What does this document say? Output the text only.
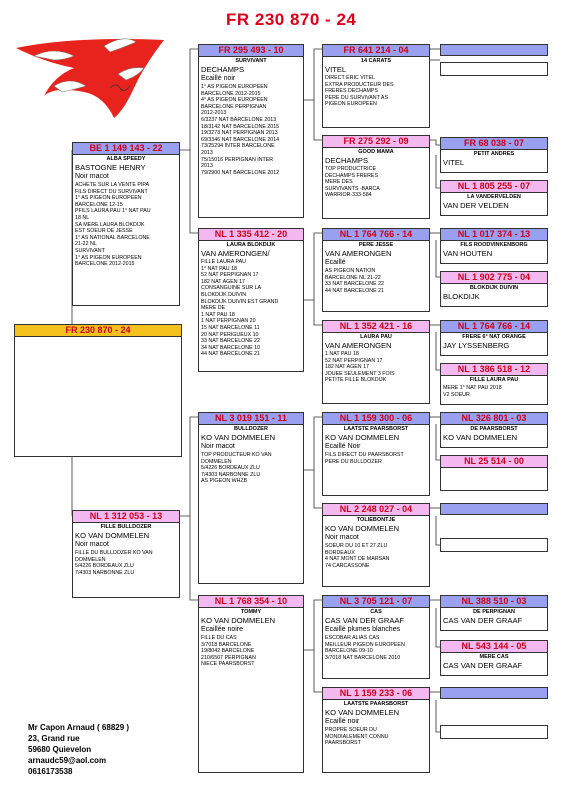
FR 230 870 - 24
FR 230 870 - 24
BE 1 149 143 - 22
ALBA SPEEDY
BASTOGNE HENRY
Noir macot
ACHETE SUR LA VENTE PIPA
FILS DIRECT DU SURVIVANT
1° AS PIGEON EUROPEEN
BARCELONE 12-15
PFILS LAURA PAU 1° NAT PAU
18 NL
SA MERE LAURA BLOKDIJK
EST SOEUR DE JESSE
1° AS NATIONAL BARCELONE
21-22 NL
SURVIVANT
1° AS PIGEON EUROPEEN
BARCELONE 2012-2015
NL 1 312 053 - 13
FILLE BULLDOZER
KO VAN DOMMELEN
Noir macot
FILLE DU BULLDOZER KO VAN
DOMMELEN
5/4226 BORDEAUX ZLU
7/4303 NARBONNE ZLU
FR 295 493 - 10
SURVIVANT
DECHAMPS
Ecaillé noir
1° AS PIGEON EUROPEEN
BARCELONE 2012-2015
4° AS PIGEON EUROPEEN
BARCELONE PERPIGNAN
2012-2013
6/3237 NAT BARCELONE 2013
18/3142 NAT BARCELONE 2015
19/3273 NAT PERPIGNAN 2013
69/3346 NAT BARCELONE 2014
73/25294 INTER BARCELONE
2013
75/15016 PERPIGNAN INTER
2013
79/2900 NAT BARCELONE 2012
NL 1 335 412 - 20
LAURA BLOKDIJK
VAN AMERONGEN/
FILLE LAURA PAU
1° NAT PAU 18
52 NAT PERPIGNAN 17
182 NAT AGEN 17
CONSANGUINE SUR LA
BLOKDIJK DUIVIN
BLOKDIJK DUIVIN EST GRAND
MERE DE
1 NAT PAU 18
1 NAT PERPIGNAN 20
15 NAT BARCELONE 11
20 NAT PERIGUEUX 10
33 NAT BARCELONE 22
34 NAT BARCELONE 10
44 NAT BARCELONE 21
NL 3 019 151 - 11
BULLDOZER
KO VAN DOMMELEN
Noir macot
TOP PRODUCTEUR KO VAN
DOMMELEN
5/4226 BORDEAUX ZLU
7/4303 NARBONNE ZLU
AS PIGEON WHZB
NL 1 768 354 - 10
TOMMY
KO VAN DOMMELEN
Ecaillée noire
FILLE DU CAS
3/7018 BARCELONE
19/8042 BARCELONE
210/6507 PERPIGNAN
NIECE PAARSBORST
FR 641 214 - 04
14 CARATS
VITEL
DIRECT ERIC VITEL
EXTRA PRODUCTEUR DES
FRERES DECHAMPS
PERE DU SURVIVANT AS
PIGEON EUROPEEN
FR 275 292 - 09
GOOD MAMA
DECHAMPS
TOP PRODUCTRICE
DECHAMPS FRERES
MERE DES
SURVIVANTS -BARCA
WARRIOR-333-584
NL 1 764 766 - 14
PERE JESSE
VAN AMERONGEN
Ecaillé
AS PIGEON NATION
BARCELONE NL 21-22
33 NAT BARCELONE 22
44 NAT BARCELONE 21
NL 1 352 421 - 16
LAURA PAU
VAN AMERONGEN
1 NAT PAU 18
52 NAT PERPIGNAN 17
182 NAT AGEN 17
JOUEE SEULEMENT 3 FOIS
PETITE FILLE BLOKDIJK
NL 1 159 300 - 06
LAATSTE PAARSBORST
KO VAN DOMMELEN
Ecaillé Noir
FILS DIRECT DU PAARSBORST
PERE DU BULLDOZER
NL 2 248 027 - 04
TOLIEBONTJE
KO VAN DOMMELEN
Noir macot
SOEUR DU 10 ET 27 ZLU
BORDEAUX
4 NAT MONT DE MARSAN
74 CARCASSONE
NL 3 705 121 - 07
CAS
CAS VAN DER GRAAF
Ecaillé plumes blanches
ESCOBAR ALIAS CAS
MEILLEUR PIGEON EUROPEEN
BARCELONE 09-10
3/7018 NAT BARCELONE 2010
NL 1 159 233 - 06
LAATSTE PAARSBORST
KO VAN DOMMELEN
Ecaillé noir
PROPRE SOEUR DU
MONDIALEMENT CONNU
PAARSBORST
FR 68 038 - 07
PETIT ANDRES
VITEL
NL 1 805 255 - 07
LA VANDERVELDEN
VAN DER VELDEN
NL 1 017 374 - 13
FILS ROODVINKENBORG
VAN HOUTEN
NL 1 902 775 - 04
BLOKDIJK DUIVIN
BLOKDIJK
NL 1 764 766 - 14
FRERE 6° NAT ORANGE
JAY LYSSENBERG
NL 1 386 518 - 12
FILLE LAURA PAU
MERE 1° NAT PAU 2018
V2 SOEUR
NL 326 801 - 03
DE PAARSBORST
KO VAN DOMMELEN
NL 25 514 - 00
NL 388 510 - 03
DE PERPIGNAN
CAS VAN DER GRAAF
NL 543 144 - 05
MERE CAS
CAS VAN DER GRAAF
Mr Capon Arnaud ( 68829 )
23, Grand rue
59680 Quievelon
arnaudc59@aol.com
0616173538
